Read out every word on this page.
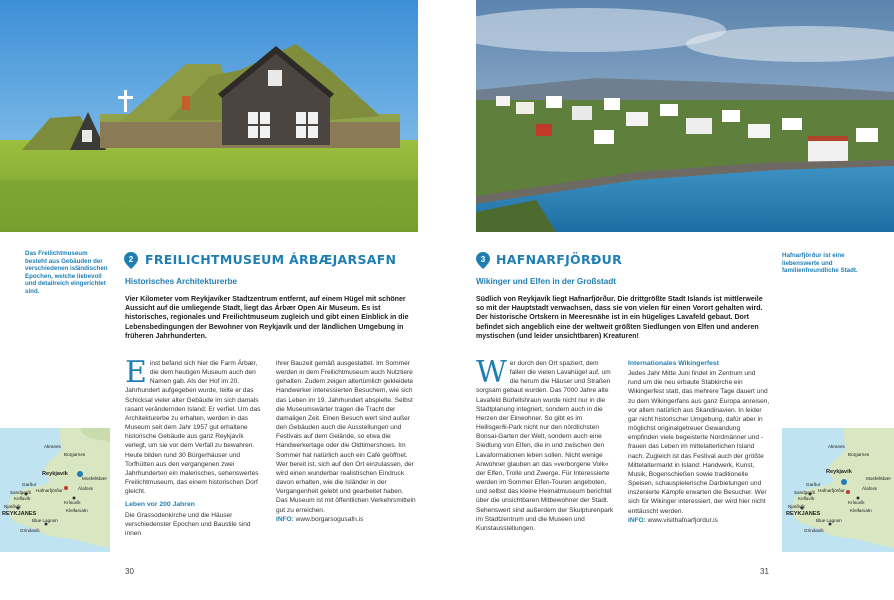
Das Freilichtmuseum besteht aus Gebäuden der verschiedenen isländischen Epochen, welche liebevoll und detailreich eingerichtet sind.
2 FREILICHTMUSEUM ÁRBÆJARSAFN
Historisches Architekturerbe
Vier Kilometer vom Reykjavíker Stadtzentrum entfernt, auf einem Hügel mit schöner Aussicht auf die umliegende Stadt, liegt das Árbær Open Air Museum. Es ist historisches, regionales und Freilichtmuseum zugleich und gibt einen Einblick in die Lebensbedingungen der Bewohner von Reykjavík und der ländlichen Umgebung in früheren Jahrhunderten.

Einst befand sich hier die Farm Árbær, die dem heutigen Museum auch den Namen gab. Als der Hof im 20. Jahrhundert aufgegeben wurde, teilte er das Schicksal vieler alter Gebäude im sich damals rasant verändernden Island: Er verfiel. Um das Architekturerbe zu erhalten, werden in das Museum seit dem Jahr 1957 gut erhaltene historische Gebäude aus ganz Reykjavík verlegt, um sie vor dem Verfall zu bewahren. Heute bilden rund 30 Bürgerhäuser und Torfhütten aus den vergangenen zwei Jahrhunderten ein malerisches, sehenswertes Freilichtmuseum, das einem historischen Dorf gleicht.

Leben vor 200 Jahren

Die Grassodenkirche und die Häuser verschiedenster Epochen und Baustile sind innen

ihrer Bauzeit gemäß ausgestattet. Im Sommer werden in dem Freilichtmuseum auch Nutztiere gehalten. Zudem zeigen altertümlich gekleidete Handwerker interessierten Besuchern, wie sich das Leben im 19. Jahrhundert abspielte. Selbst die Museumswärter tragen die Tracht der damaligen Zeit. Einen Besuch wert sind außer den Gebäuden auch die Ausstellungen und Festivals auf dem Gelände, so etwa die Handwerkertage oder die Oldtimershows. Im Sommer hat natürlich auch ein Café geöffnet. Wer bereit ist, sich auf den Ort einzulassen, der wird einen wunderbar realistischen Eindruck davon erhalten, wie die Isländer in der Vergangenheit gelebt und gearbeitet haben. Das Museum ist mit öffentlichen Verkehrsmitteln gut zu erreichen.

INFO: www.borgarsogusafn.is

Akranes
Borgarnes
Reykjavík
Mosfellsbær
Garður
Hafnarfjörður	Álafoss
Sandgerði
Keflavík
Krísuvík
Njarðvík
Kleifarvatn
REYKJANES
Blue Lagoon
Grindavík
30
Hafnarfjörður ist eine liebenswerte und familienfreundliche Stadt.
3 HAFNARFJÖRÐUR
Wikinger und Elfen in der Großstadt
Südlich von Reykjavík liegt Hafnarfjörður. Die drittgrößte Stadt Islands ist mittlerweile so mit der Hauptstadt verwachsen, dass sie von vielen für einen Vorort gehalten wird. Der historische Ortskern in Meeresnähe ist in ein hügeliges Lavafeld gebaut. Dort befindet sich angeblich eine der weltweit größten Siedlungen von Elfen und anderen mystischen (und leider unsichtbaren) Kreaturen!

Wer durch den Ort spaziert, dem fallen die vielen Lavahügel auf, um die herum die Häuser und Straßen sorgsam gebaut wurden. Das 7000 Jahre alte Lavafeld Búrfellshraun wurde nicht nur in die Stadtplanung integriert, sondern auch in die Herzen der Einwohner. So gibt es im Hellisgerði-Park nicht nur den nördlichsten Bonsai-Garten der Welt, sondern auch eine Siedlung von Elfen, die in und zwischen den Lavaformationen leben sollen. Nicht wenige Anwohner glauben an das »verborgene Volk« der Elfen, Trolle und Zwerge. Für Interessierte werden im Sommer Elfen-Touren angeboten, und selbst das kleine Heimatmuseum berichtet über die unsichtbaren Mitbewohner der Stadt. Sehenswert sind außerdem der Skulpturenpark im Stadtzentrum und die Museen und Kunstausstellungen.

Internationales Wikingerfest

Jedes Jahr Mitte Juni findet im Zentrum und rund um die neu erbaute Stabkirche ein Wikingerfest statt, das mehrere Tage dauert und zu dem Wikingerfans aus ganz Europa anreisen, vor allem natürlich aus Skandinavien. In leider gar nicht historischer Umgebung, dafür aber in möglichst originalgetreuer Gewandung empfinden viele begeisterte Nordmänner und -frauen das Leben im mittelalterlichen Island nach. Zugleich ist das Festival auch der größte Mittelaltermarkt in Island: Handwerk, Kunst, Musik, Bogenschießen sowie traditionelle Speisen, schauspielerische Darbietungen und inszenierte Kämpfe erwarten die Besucher. Wer sich für Wikinger interessiert, der wird hier nicht enttäuscht werden.

INFO: www.visithafnarfjordur.is

Akranes
Borgarnes
Reykjavík
Mosfellsbær
Garður
Hafnarfjörður	Álafoss
Sandgerði
Keflavík
Krísuvík
Njarðvík
Kleifarvatn
REYKJANES
Blue Lagoon
Grindavík
31
